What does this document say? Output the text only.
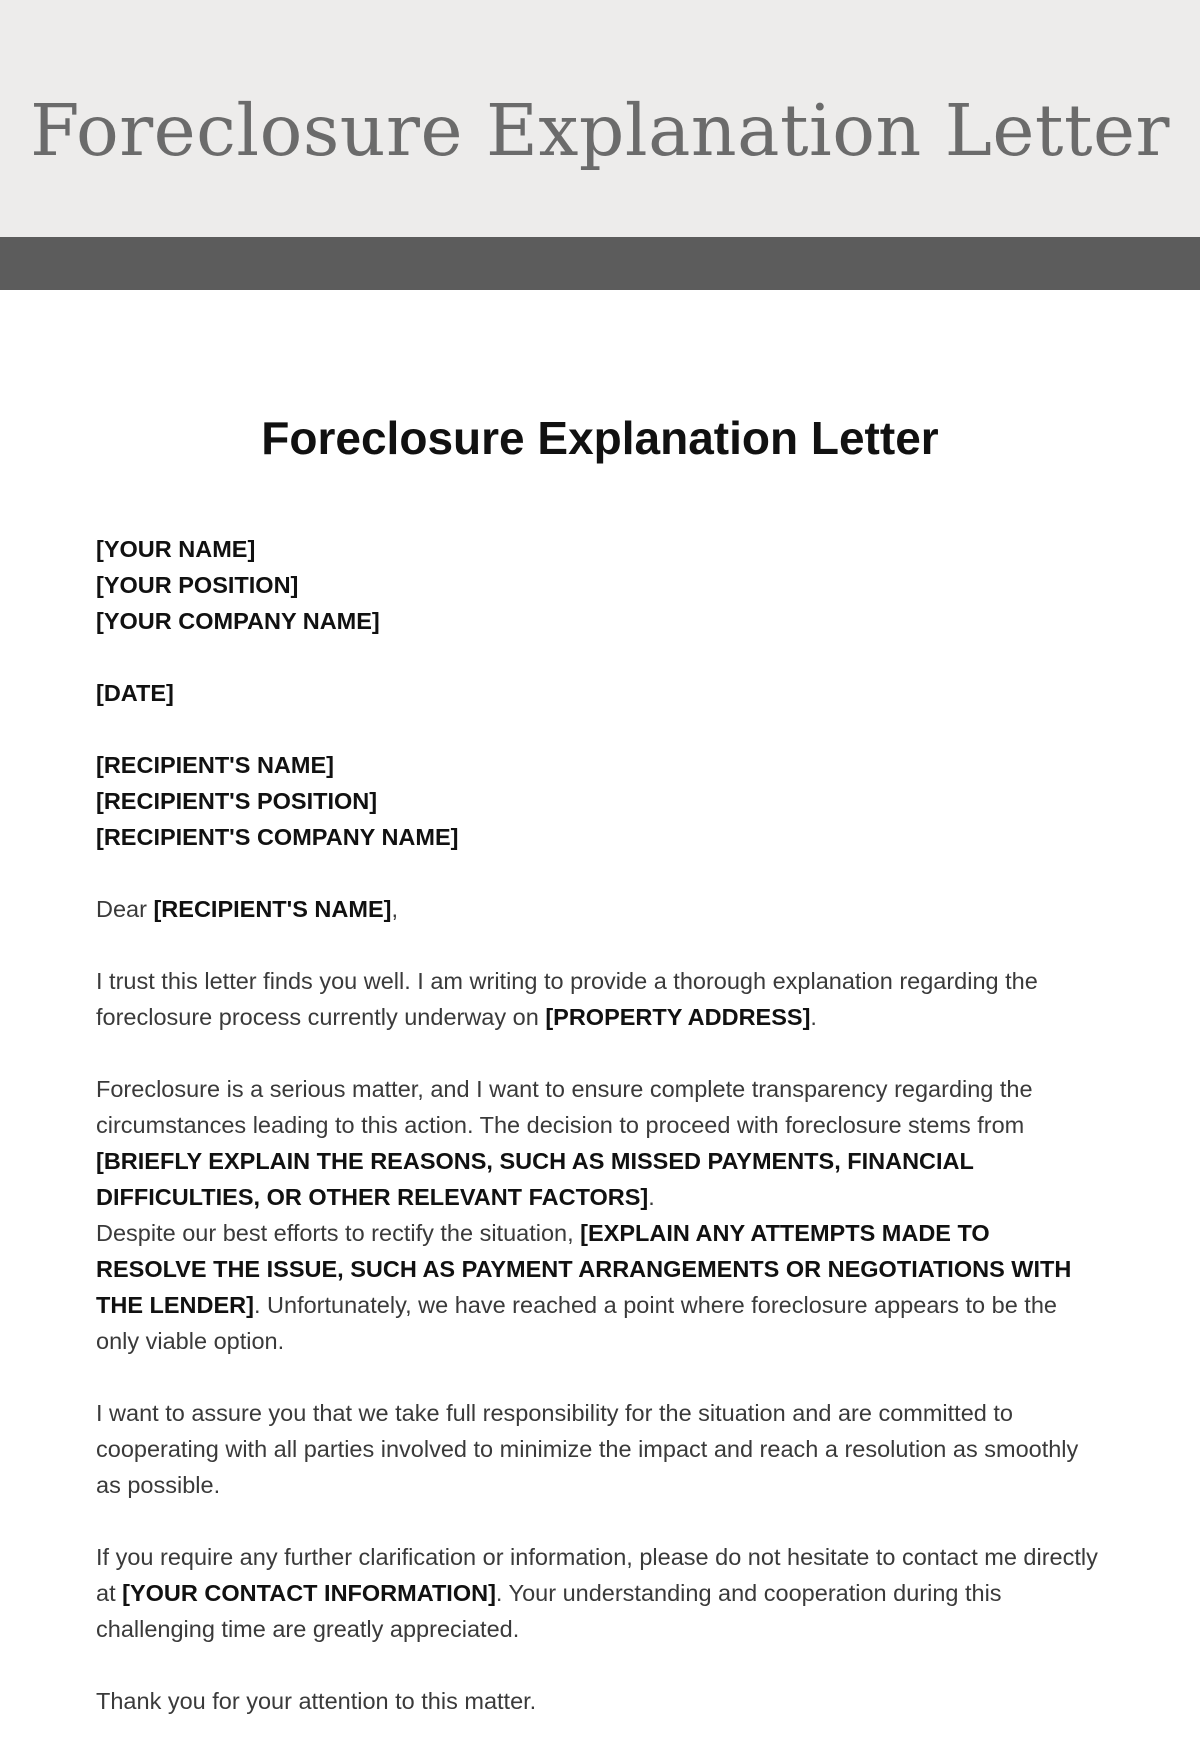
Foreclosure Explanation Letter
Foreclosure Explanation Letter

[YOUR NAME]
[YOUR POSITION]
[YOUR COMPANY NAME]

[DATE]

[RECIPIENT'S NAME]
[RECIPIENT'S POSITION]
[RECIPIENT'S COMPANY NAME]

Dear [RECIPIENT'S NAME],

I trust this letter finds you well. I am writing to provide a thorough explanation regarding the foreclosure process currently underway on [PROPERTY ADDRESS].

Foreclosure is a serious matter, and I want to ensure complete transparency regarding the circumstances leading to this action. The decision to proceed with foreclosure stems from [BRIEFLY EXPLAIN THE REASONS, SUCH AS MISSED PAYMENTS, FINANCIAL DIFFICULTIES, OR OTHER RELEVANT FACTORS].

Despite our best efforts to rectify the situation, [EXPLAIN ANY ATTEMPTS MADE TO RESOLVE THE ISSUE, SUCH AS PAYMENT ARRANGEMENTS OR NEGOTIATIONS WITH THE LENDER]. Unfortunately, we have reached a point where foreclosure appears to be the only viable option.

I want to assure you that we take full responsibility for the situation and are committed to cooperating with all parties involved to minimize the impact and reach a resolution as smoothly as possible.

If you require any further clarification or information, please do not hesitate to contact me directly at [YOUR CONTACT INFORMATION]. Your understanding and cooperation during this challenging time are greatly appreciated.

Thank you for your attention to this matter.
